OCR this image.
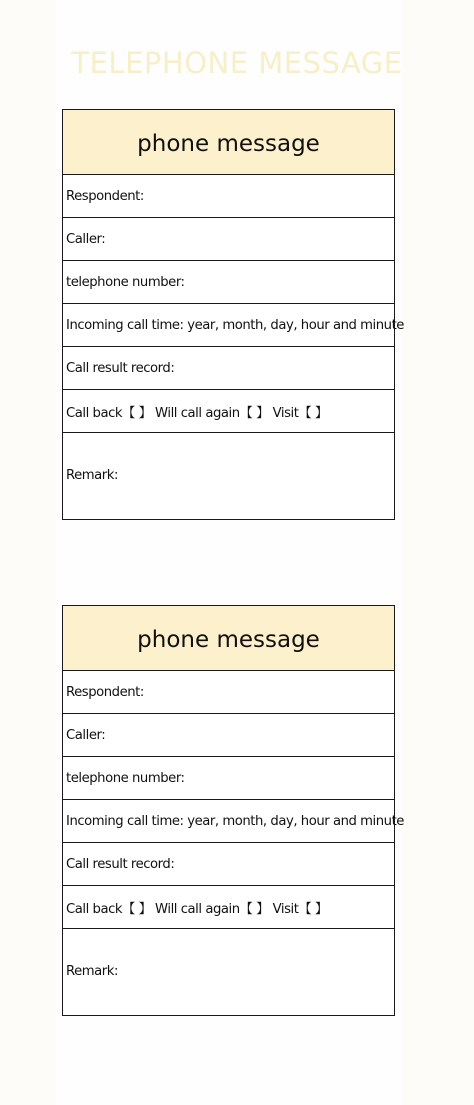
TELEPHONE MESSAGE
phone message
Respondent:
Caller:
telephone number:
Incoming call time: year, month, day, hour and minute
Call result record:
Call back【 】 Will call again【 】 Visit【 】
Remark:
phone message
Respondent:
Caller:
telephone number:
Incoming call time: year, month, day, hour and minute
Call result record:
Call back【 】 Will call again【 】 Visit【 】
Remark:
